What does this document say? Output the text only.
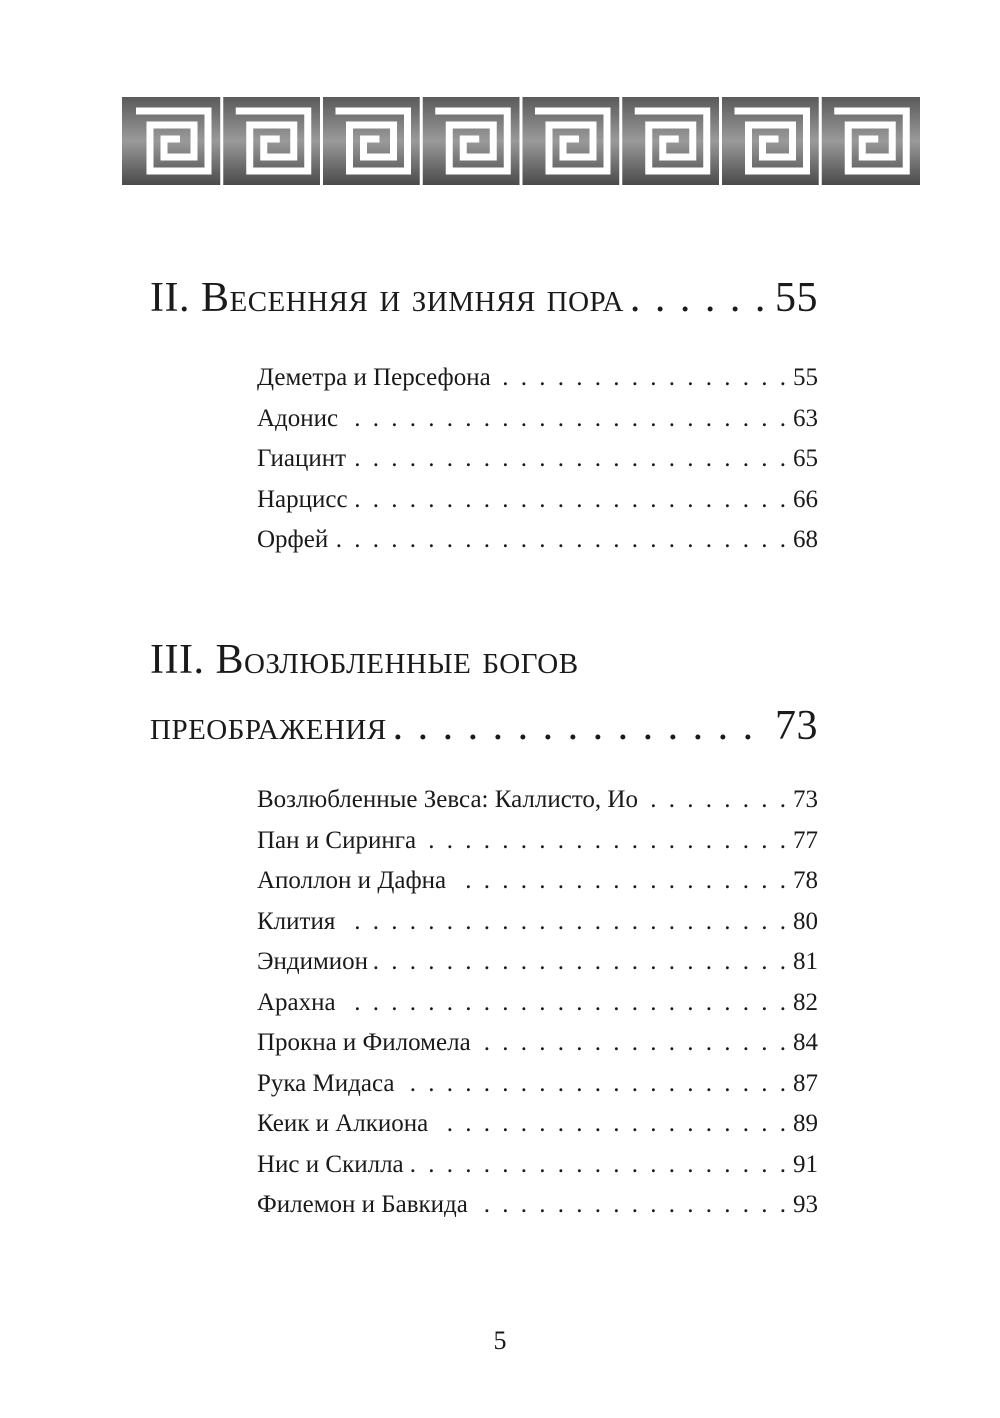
II. Весенняя и зимняя пора . . .	55
Деметра и Персефона . . .	55
Адонис . . .	63
Гиацинт . . .	65
Нарцисс . . .	66
Орфей . . .	68
III. Возлюбленные богов
преображения . . .	73
Возлюбленные Зевса: Каллисто, Ио . . .	73
Пан и Сиринга . . .	77
Аполлон и Дафна . . .	78
Клития . . .	80
Эндимион . . .	81
Арахна . . .	82
Прокна и Филомела . . .	84
Рука Мидаса . . .	87
Кеик и Алкиона . . .	89
Нис и Скилла . . .	91
Филемон и Бавкида . . .	93
5
